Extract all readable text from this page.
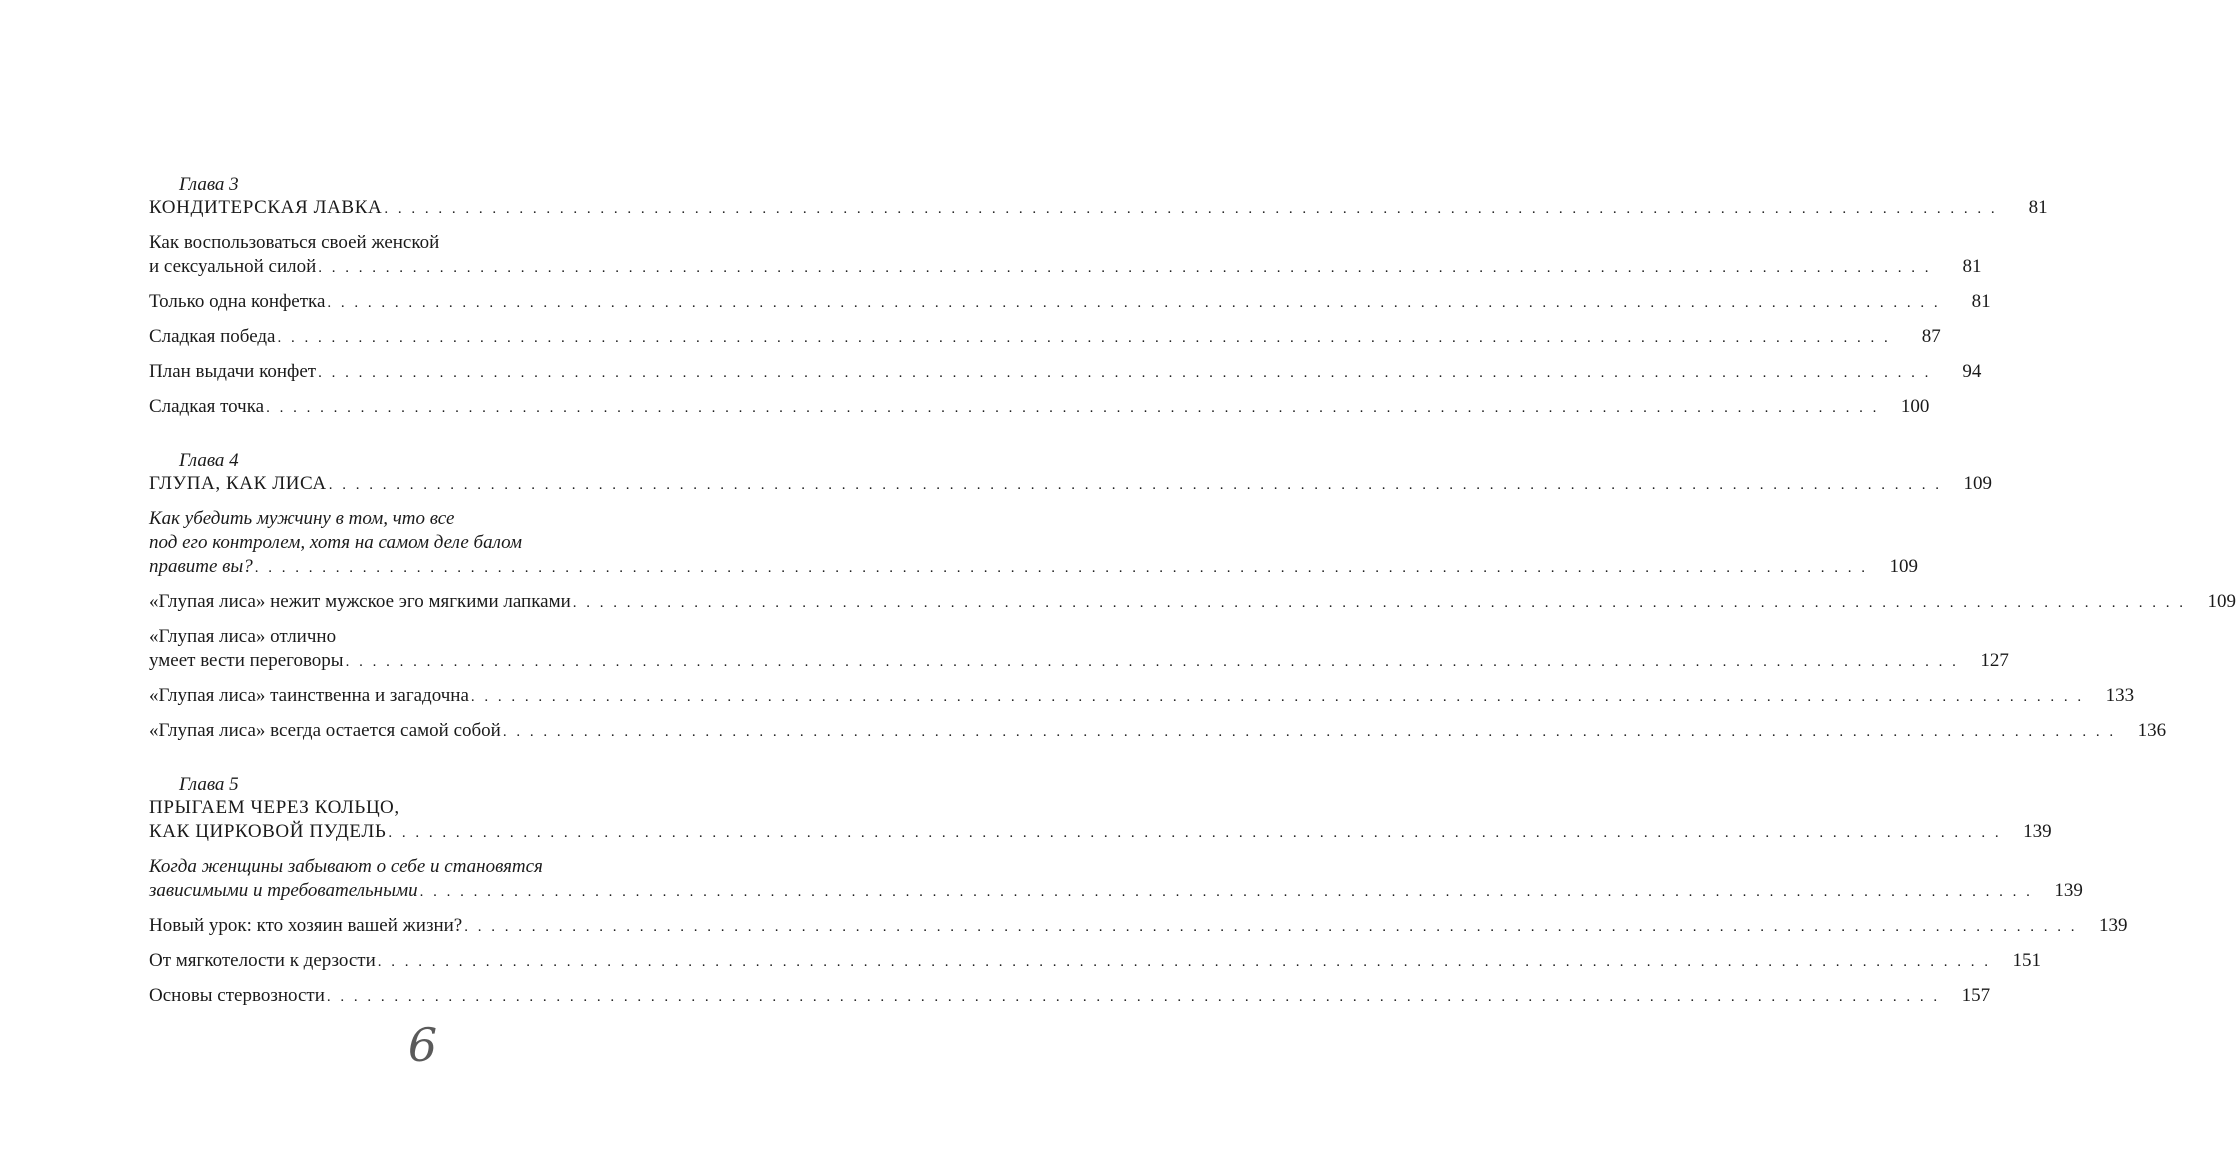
Глава 3
КОНДИТЕРСКАЯ ЛАВКА . . . . . . . . . . . . . . . . . . . . . . . . . . . . . . . . . . . . . . . . . . . . . . . . . . . . . . . . . . . . . . . . . . . . . . . . . . . . . . . . . . . . . . . . . . . . . . . . . . . . . . . . . . . . . . . . . . . . . . . .	81
Как воспользоваться своей женской
и сексуальной силой . . . . . . . . . . . . . . . . . . . . . . . . . . . . . . . . . . . . . . . . . . . . . . . . . . . . . . . . . . . . . . . . . . . . . . . . . . . . . . . . . . . . . . . . . . . . . . . . . . . . . . . . . . . . . . . . . . . . . . . .	81
Только одна конфетка . . . . . . . . . . . . . . . . . . . . . . . . . . . . . . . . . . . . . . . . . . . . . . . . . . . . . . . . . . . . . . . . . . . . . . . . . . . . . . . . . . . . . . . . . . . . . . . . . . . . . . . . . . . . . . . . . . . . . . . .	81
Сладкая победа . . . . . . . . . . . . . . . . . . . . . . . . . . . . . . . . . . . . . . . . . . . . . . . . . . . . . . . . . . . . . . . . . . . . . . . . . . . . . . . . . . . . . . . . . . . . . . . . . . . . . . . . . . . . . . . . . . . . . . . .	87
План выдачи конфет . . . . . . . . . . . . . . . . . . . . . . . . . . . . . . . . . . . . . . . . . . . . . . . . . . . . . . . . . . . . . . . . . . . . . . . . . . . . . . . . . . . . . . . . . . . . . . . . . . . . . . . . . . . . . . . . . . . . . . . .	94
Сладкая точка . . . . . . . . . . . . . . . . . . . . . . . . . . . . . . . . . . . . . . . . . . . . . . . . . . . . . . . . . . . . . . . . . . . . . . . . . . . . . . . . . . . . . . . . . . . . . . . . . . . . . . . . . . . . . . . . . . . . . . . .	100
Глава 4
ГЛУПА, КАК ЛИСА . . . . . . . . . . . . . . . . . . . . . . . . . . . . . . . . . . . . . . . . . . . . . . . . . . . . . . . . . . . . . . . . . . . . . . . . . . . . . . . . . . . . . . . . . . . . . . . . . . . . . . . . . . . . . . . . . . . . . . . .	109
Как убедить мужчину в том, что все
под его контролем, хотя на самом деле балом
правите вы? . . . . . . . . . . . . . . . . . . . . . . . . . . . . . . . . . . . . . . . . . . . . . . . . . . . . . . . . . . . . . . . . . . . . . . . . . . . . . . . . . . . . . . . . . . . . . . . . . . . . . . . . . . . . . . . . . . . . . . . .	109
«Глупая лиса» нежит мужское эго мягкими лапками . . . . . . . . . . . . . . . . . . . . . . . . . . . . . . . . . . . . . . . . . . . . . . . . . . . . . . . . . . . . . . . . . . . . . . . . . . . . . . . . . . . . . . . . . . . . . . . . . . . . . . . . . . . . . . . . . . . . . . . .	109
«Глупая лиса» отлично
умеет вести переговоры . . . . . . . . . . . . . . . . . . . . . . . . . . . . . . . . . . . . . . . . . . . . . . . . . . . . . . . . . . . . . . . . . . . . . . . . . . . . . . . . . . . . . . . . . . . . . . . . . . . . . . . . . . . . . . . . . . . . . . . .	127
«Глупая лиса» таинственна и загадочна . . . . . . . . . . . . . . . . . . . . . . . . . . . . . . . . . . . . . . . . . . . . . . . . . . . . . . . . . . . . . . . . . . . . . . . . . . . . . . . . . . . . . . . . . . . . . . . . . . . . . . . . . . . . . . . . . . . . . . . .	133
«Глупая лиса» всегда остается самой собой . . . . . . . . . . . . . . . . . . . . . . . . . . . . . . . . . . . . . . . . . . . . . . . . . . . . . . . . . . . . . . . . . . . . . . . . . . . . . . . . . . . . . . . . . . . . . . . . . . . . . . . . . . . . . . . . . . . . . . . .	136
Глава 5
ПРЫГАЕМ ЧЕРЕЗ КОЛЬЦО,
КАК ЦИРКОВОЙ ПУДЕЛЬ . . . . . . . . . . . . . . . . . . . . . . . . . . . . . . . . . . . . . . . . . . . . . . . . . . . . . . . . . . . . . . . . . . . . . . . . . . . . . . . . . . . . . . . . . . . . . . . . . . . . . . . . . . . . . . . . . . . . . . . .	139
Когда женщины забывают о себе и становятся
зависимыми и требовательными . . . . . . . . . . . . . . . . . . . . . . . . . . . . . . . . . . . . . . . . . . . . . . . . . . . . . . . . . . . . . . . . . . . . . . . . . . . . . . . . . . . . . . . . . . . . . . . . . . . . . . . . . . . . . . . . . . . . . . . .	139
Новый урок: кто хозяин вашей жизни? . . . . . . . . . . . . . . . . . . . . . . . . . . . . . . . . . . . . . . . . . . . . . . . . . . . . . . . . . . . . . . . . . . . . . . . . . . . . . . . . . . . . . . . . . . . . . . . . . . . . . . . . . . . . . . . . . . . . . . . .	139
От мягкотелости к дерзости . . . . . . . . . . . . . . . . . . . . . . . . . . . . . . . . . . . . . . . . . . . . . . . . . . . . . . . . . . . . . . . . . . . . . . . . . . . . . . . . . . . . . . . . . . . . . . . . . . . . . . . . . . . . . . . . . . . . . . . .	151
Основы стервозности . . . . . . . . . . . . . . . . . . . . . . . . . . . . . . . . . . . . . . . . . . . . . . . . . . . . . . . . . . . . . . . . . . . . . . . . . . . . . . . . . . . . . . . . . . . . . . . . . . . . . . . . . . . . . . . . . . . . . . . .	157
6
